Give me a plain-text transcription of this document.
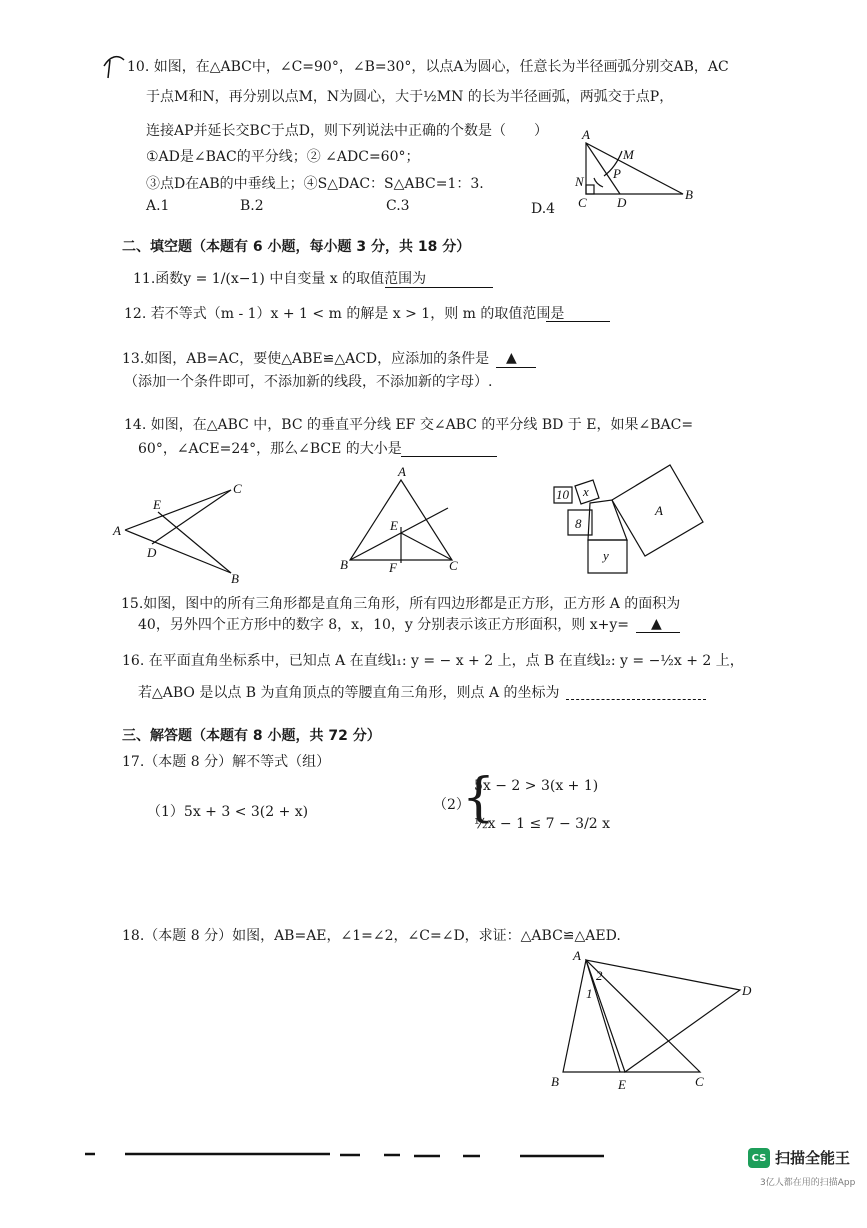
10. 如图，在△ABC中，∠C=90°，∠B=30°，以点A为圆心，任意长为半径画弧分别交AB，AC
于点M和N，再分别以点M，N为圆心，大于½MN 的长为半径画弧，两弧交于点P，
连接AP并延长交BC于点D，则下列说法中正确的个数是（　　）
①AD是∠BAC的平分线；② ∠ADC=60°；
③点D在AB的中垂线上；④S△DAC：S△ABC=1：3.
A.1	B.2	C.3	D.4
二、填空题（本题有 6 小题，每小题 3 分，共 18 分）
11.函数y = 1/(x−1) 中自变量 x 的取值范围为
12. 若不等式（m - 1）x + 1 < m 的解是 x > 1，则 m 的取值范围是
13.如图，AB=AC，要使△ABE≌△ACD，应添加的条件是 ▲
（添加一个条件即可，不添加新的线段，不添加新的字母）.
14. 如图，在△ABC 中，BC 的垂直平分线 EF 交∠ABC 的平分线 BD 于 E，如果∠BAC=
60°，∠ACE=24°，那么∠BCE 的大小是
15.如图，图中的所有三角形都是直角三角形，所有四边形都是正方形，正方形 A 的面积为
40，另外四个正方形中的数字 8，x，10，y 分别表示该正方形面积，则 x+y= ▲
16. 在平面直角坐标系中，已知点 A 在直线l₁: y = − x + 2 上，点 B 在直线l₂: y = −½x + 2 上，
若△ABO 是以点 B 为直角顶点的等腰直角三角形，则点 A 的坐标为
三、解答题（本题有 8 小题，共 72 分）
17.（本题 8 分）解不等式（组）
（1）5x + 3 < 3(2 + x)	（2）
{
5x − 2 > 3(x + 1)
½x − 1 ≤ 7 − 3/2 x
18.（本题 8 分）如图，AB=AE，∠1=∠2，∠C=∠D，求证：△ABC≌△AED.
A
M
P
N
C D
B
A
E
C
D
B
A
E
B	F	C
10
8
x
y
A
A
1
2
D
B	E	C
CS 扫描全能王
3亿人都在用的扫描App
